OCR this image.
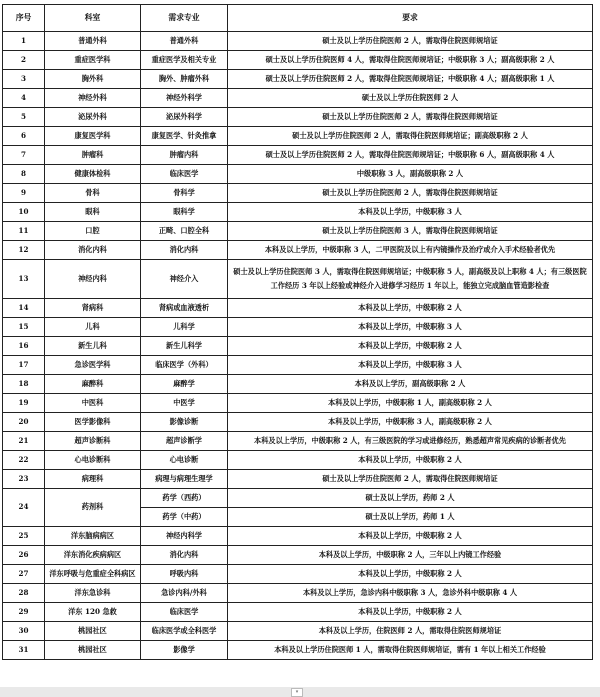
序号	科室	需求专业	要求
1	普通外科	普通外科	硕士及以上学历住院医师 2 人，需取得住院医师规培证
2	重症医学科	重症医学及相关专业	硕士及以上学历住院医师 4 人，需取得住院医师规培证；中级职称 3 人；副高级职称 2 人
3	胸外科	胸外、肿瘤外科	硕士及以上学历住院医师 2 人，需取得住院医师规培证；中级职称 4 人；副高级职称 1 人
4	神经外科	神经外科学	硕士及以上学历住院医师 2 人
5	泌尿外科	泌尿外科学	硕士及以上学历住院医师 2 人，需取得住院医师规培证
6	康复医学科	康复医学、针灸推拿	硕士及以上学历住院医师 2 人，需取得住院医师规培证；副高级职称 2 人
7	肿瘤科	肿瘤内科	硕士及以上学历住院医师 2 人，需取得住院医师规培证；中级职称 6 人，副高级职称 4 人
8	健康体检科	临床医学	中级职称 3 人，副高级职称 2 人
9	骨科	骨科学	硕士及以上学历住院医师 2 人，需取得住院医师规培证
10	眼科	眼科学	本科及以上学历，中级职称 3 人
11	口腔	正畸、口腔全科	硕士及以上学历住院医师 3 人，需取得住院医师规培证
12	消化内科	消化内科	本科及以上学历，中级职称 3 人，二甲医院及以上有内镜操作及治疗或介入手术经验者优先
13	神经内科	神经介入	硕士及以上学历住院医师 3 人，需取得住院医师规培证；中级职称 5 人，副高级及以上职称 4 人；有三级医院工作经历 3 年以上经验或神经介入进修学习经历 1 年以上，能独立完成脑血管造影检查
14	肾病科	肾病或血液透析	本科及以上学历，中级职称 2 人
15	儿科	儿科学	本科及以上学历，中级职称 3 人
16	新生儿科	新生儿科学	本科及以上学历，中级职称 2 人
17	急诊医学科	临床医学（外科）	本科及以上学历，中级职称 3 人
18	麻醉科	麻醉学	本科及以上学历，副高级职称 2 人
19	中医科	中医学	本科及以上学历，中级职称 1 人，副高级职称 2 人
20	医学影像科	影像诊断	本科及以上学历，中级职称 3 人，副高级职称 2 人
21	超声诊断科	超声诊断学	本科及以上学历，中级职称 2 人，有三级医院的学习或进修经历，熟悉超声常见疾病的诊断者优先
22	心电诊断科	心电诊断	本科及以上学历，中级职称 2 人
23	病理科	病理与病理生理学	硕士及以上学历住院医师 2 人，需取得住院医师规培证
24	药剂科	药学（西药）	硕士及以上学历，药师 2 人
		药学（中药）	硕士及以上学历，药师 1 人
25	洋东脑病病区	神经内科学	本科及以上学历，中级职称 2 人
26	洋东消化疾病病区	消化内科	本科及以上学历，中级职称 2 人，三年以上内镜工作经验
27	洋东呼吸与危重症全科病区	呼吸内科	本科及以上学历，中级职称 2 人
28	洋东急诊科	急诊内科/外科	本科及以上学历，急诊内科中级职称 3 人，急诊外科中级职称 4 人
29	洋东 120 急救	临床医学	本科及以上学历，中级职称 2 人
30	桃园社区	临床医学或全科医学	本科及以上学历，住院医师 2 人，需取得住院医师规培证
31	桃园社区	影像学	本科及以上学历住院医师 1 人，需取得住院医师规培证，需有 1 年以上相关工作经验
▾
